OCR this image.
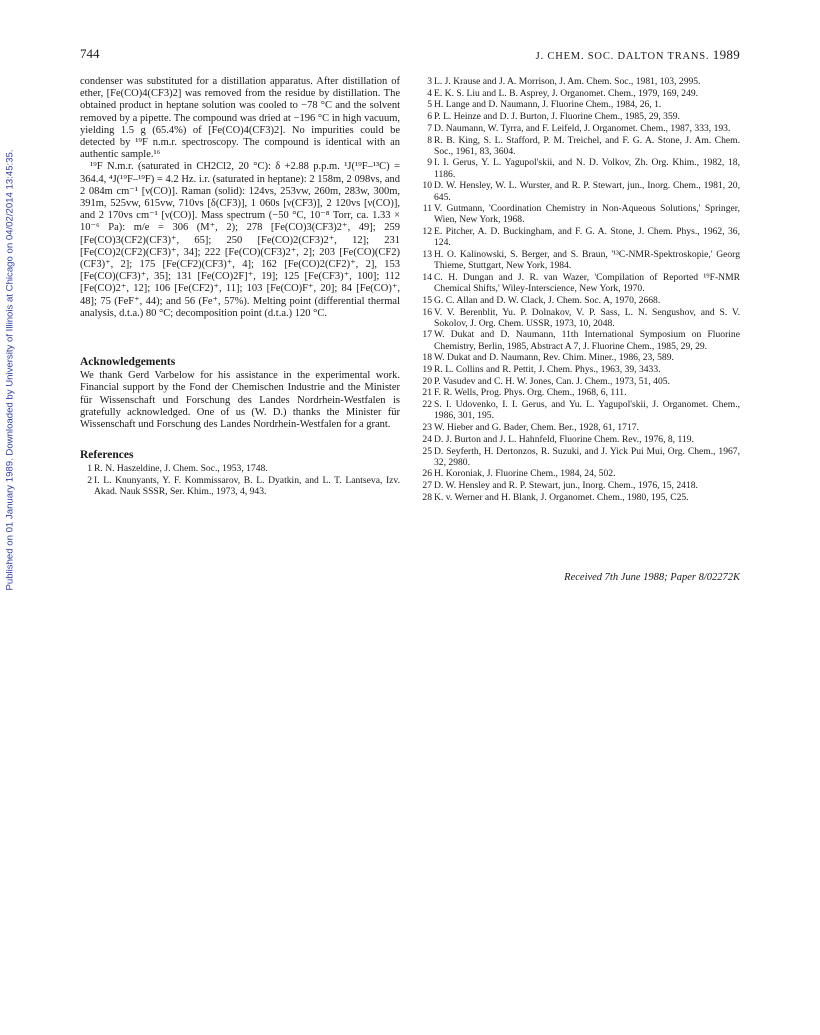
Published on 01 January 1989. Downloaded by University of Illinois at Chicago on 04/02/2014 13:45:35.
744	J. CHEM. SOC. DALTON TRANS. 1989

condenser was substituted for a distillation apparatus. After distillation of ether, [Fe(CO)4(CF3)2] was removed from the residue by distillation. The obtained product in heptane solution was cooled to −78 °C and the solvent removed by a pipette. The compound was dried at −196 °C in high vacuum, yielding 1.5 g (65.4%) of [Fe(CO)4(CF3)2]. No impurities could be detected by ¹⁹F n.m.r. spectroscopy. The compound is identical with an authentic sample.¹⁶

¹⁹F N.m.r. (saturated in CH2Cl2, 20 °C): δ +2.88 p.p.m. ¹J(¹⁹F–¹³C) = 364.4, ⁴J(¹⁹F–¹⁹F) = 4.2 Hz. i.r. (saturated in heptane): 2 158m, 2 098vs, and 2 084m cm⁻¹ [ν(CO)]. Raman (solid): 124vs, 253vw, 260m, 283w, 300m, 391m, 525vw, 615vw, 710vs [δ(CF3)], 1 060s [ν(CF3)], 2 120vs [ν(CO)], and 2 170vs cm⁻¹ [ν(CO)]. Mass spectrum (−50 °C, 10⁻⁸ Torr, ca. 1.33 × 10⁻⁶ Pa): m/e = 306 (M⁺, 2); 278 [Fe(CO)3(CF3)2⁺, 49]; 259 [Fe(CO)3(CF2)(CF3)⁺, 65]; 250 [Fe(CO)2(CF3)2⁺, 12]; 231 [Fe(CO)2(CF2)(CF3)⁺, 34]; 222 [Fe(CO)(CF3)2⁺, 2]; 203 [Fe(CO)(CF2)(CF3)⁺, 2]; 175 [Fe(CF2)(CF3)⁺, 4]; 162 [Fe(CO)2(CF2)⁺, 2], 153 [Fe(CO)(CF3)⁺, 35]; 131 [Fe(CO)2F]⁺, 19]; 125 [Fe(CF3)⁺, 100]; 112 [Fe(CO)2⁺, 12]; 106 [Fe(CF2)⁺, 11]; 103 [Fe(CO)F⁺, 20]; 84 [Fe(CO)⁺, 48]; 75 (FeF⁺, 44); and 56 (Fe⁺, 57%). Melting point (differential thermal analysis, d.t.a.) 80 °C; decomposition point (d.t.a.) 120 °C.

Acknowledgements

We thank Gerd Varbelow for his assistance in the experimental work. Financial support by the Fond der Chemischen Industrie and the Minister für Wissenschaft und Forschung des Landes Nordrhein-Westfalen is gratefully acknowledged. One of us (W. D.) thanks the Minister für Wissenschaft und Forschung des Landes Nordrhein-Westfalen for a grant.

References
1 R. N. Haszeldine, J. Chem. Soc., 1953, 1748.
2 I. L. Knunyants, Y. F. Kommissarov, B. L. Dyatkin, and L. T. Lantseva, Izv. Akad. Nauk SSSR, Ser. Khim., 1973, 4, 943.
3 L. J. Krause and J. A. Morrison, J. Am. Chem. Soc., 1981, 103, 2995.
4 E. K. S. Liu and L. B. Asprey, J. Organomet. Chem., 1979, 169, 249.
5 H. Lange and D. Naumann, J. Fluorine Chem., 1984, 26, 1.
6 P. L. Heinze and D. J. Burton, J. Fluorine Chem., 1985, 29, 359.
7 D. Naumann, W. Tyrra, and F. Leifeld, J. Organomet. Chem., 1987, 333, 193.
8 R. B. King, S. L. Stafford, P. M. Treichel, and F. G. A. Stone, J. Am. Chem. Soc., 1961, 83, 3604.
9 I. I. Gerus, Y. L. Yagupol'skii, and N. D. Volkov, Zh. Org. Khim., 1982, 18, 1186.
10 D. W. Hensley, W. L. Wurster, and R. P. Stewart, jun., Inorg. Chem., 1981, 20, 645.
11 V. Gutmann, 'Coordination Chemistry in Non-Aqueous Solutions,' Springer, Wien, New York, 1968.
12 E. Pitcher, A. D. Buckingham, and F. G. A. Stone, J. Chem. Phys., 1962, 36, 124.
13 H. O. Kalinowski, S. Berger, and S. Braun, '¹³C-NMR-Spektroskopie,' Georg Thieme, Stuttgart, New York, 1984.
14 C. H. Dungan and J. R. van Wazer, 'Compilation of Reported ¹⁹F-NMR Chemical Shifts,' Wiley-Interscience, New York, 1970.
15 G. C. Allan and D. W. Clack, J. Chem. Soc. A, 1970, 2668.
16 V. V. Berenblit, Yu. P. Dolnakov, V. P. Sass, L. N. Sengushov, and S. V. Sokolov, J. Org. Chem. USSR, 1973, 10, 2048.
17 W. Dukat and D. Naumann, 11th International Symposium on Fluorine Chemistry, Berlin, 1985, Abstract A 7, J. Fluorine Chem., 1985, 29, 29.
18 W. Dukat and D. Naumann, Rev. Chim. Miner., 1986, 23, 589.
19 R. L. Collins and R. Pettit, J. Chem. Phys., 1963, 39, 3433.
20 P. Vasudev and C. H. W. Jones, Can. J. Chem., 1973, 51, 405.
21 F. R. Wells, Prog. Phys. Org. Chem., 1968, 6, 111.
22 S. I. Udovenko, I. I. Gerus, and Yu. L. Yagupol'skii, J. Organomet. Chem., 1986, 301, 195.
23 W. Hieber and G. Bader, Chem. Ber., 1928, 61, 1717.
24 D. J. Burton and J. L. Hahnfeld, Fluorine Chem. Rev., 1976, 8, 119.
25 D. Seyferth, H. Dertonzos, R. Suzuki, and J. Yick Pui Mui, Org. Chem., 1967, 32, 2980.
26 H. Koroniak, J. Fluorine Chem., 1984, 24, 502.
27 D. W. Hensley and R. P. Stewart, jun., Inorg. Chem., 1976, 15, 2418.
28 K. v. Werner and H. Blank, J. Organomet. Chem., 1980, 195, C25.
Received 7th June 1988; Paper 8/02272K
